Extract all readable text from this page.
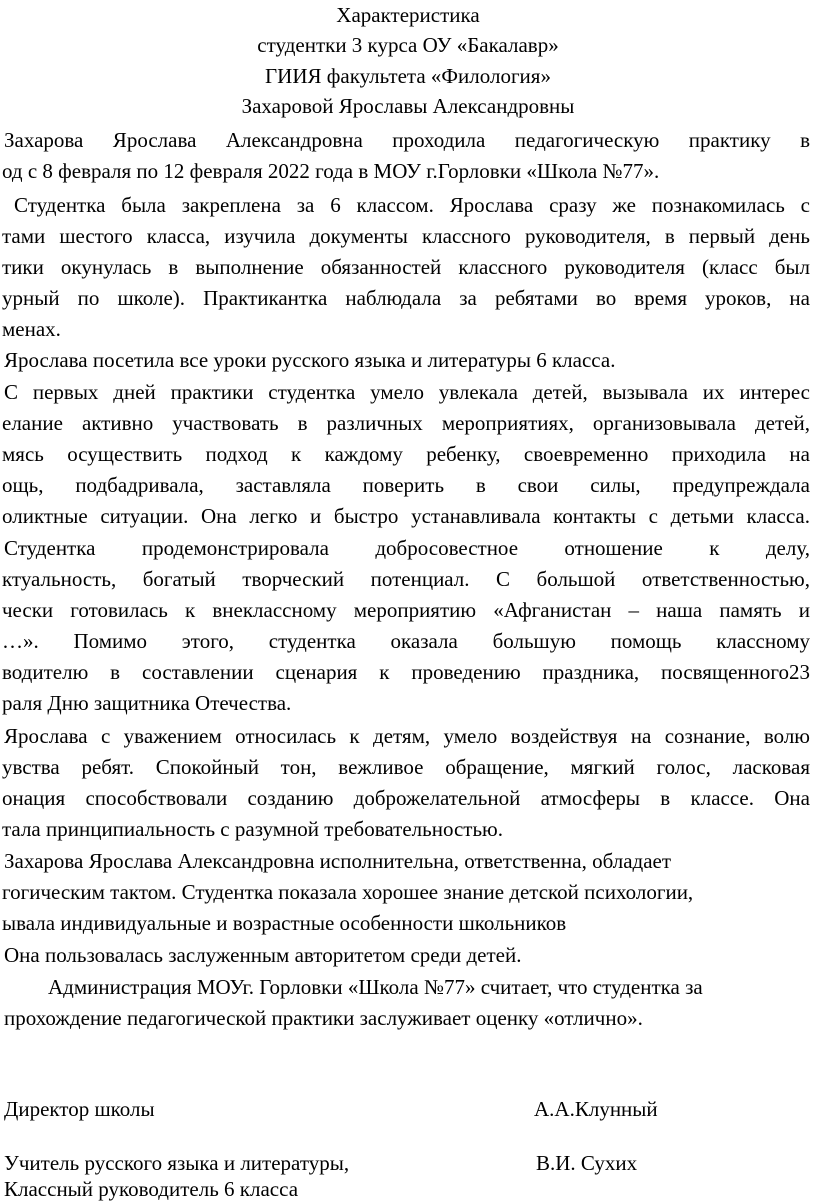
Характеристика
студентки 3 курса ОУ «Бакалавр»
ГИИЯ факультета «Филология»
Захаровой Ярославы Александровны
Захарова Ярослава Александровна проходила педагогическую практику в
од с 8 февраля по 12 февраля 2022 года в МОУ г.Горловки «Школа №77».
Студентка была закреплена за 6 классом. Ярослава сразу же познакомилась с
тами шестого класса, изучила документы классного руководителя, в первый день
тики окунулась в выполнение обязанностей классного руководителя (класс был
урный по школе). Практикантка наблюдала за ребятами во время уроков, на
менах.
Ярослава посетила все уроки русского языка и литературы 6 класса.
С первых дней практики студентка умело увлекала детей, вызывала их интерес
елание активно участвовать в различных мероприятиях, организовывала детей,
мясь осуществить подход к каждому ребенку, своевременно приходила на
ощь, подбадривала, заставляла поверить в свои силы, предупреждала
оликтные ситуации. Она легко и быстро устанавливала контакты с детьми класса.
Студентка продемонстрировала добросовестное отношение к делу,
ктуальность, богатый творческий потенциал. С большой ответственностью,
чески готовилась к внеклассному мероприятию «Афганистан – наша память и
…». Помимо этого, студентка оказала большую помощь классному
водителю в составлении сценария к проведению праздника, посвященного23
раля Дню защитника Отечества.
Ярослава с уважением относилась к детям, умело воздействуя на сознание, волю
увства ребят. Спокойный тон, вежливое обращение, мягкий голос, ласковая
онация способствовали созданию доброжелательной атмосферы в классе. Она
тала принципиальность с разумной требовательностью.
Захарова Ярослава Александровна исполнительна, ответственна, обладает
гогическим тактом. Студентка показала хорошее знание детской психологии,
ывала индивидуальные и возрастные особенности школьников
Она пользовалась заслуженным авторитетом среди детей.
Администрация МОУг. Горловки «Школа №77» считает, что студентка за
прохождение педагогической практики заслуживает оценку «отлично».
Директор школы	А.А.Клунный
Учитель русского языка и литературы,	В.И. Сухих
Классный руководитель 6 класса
